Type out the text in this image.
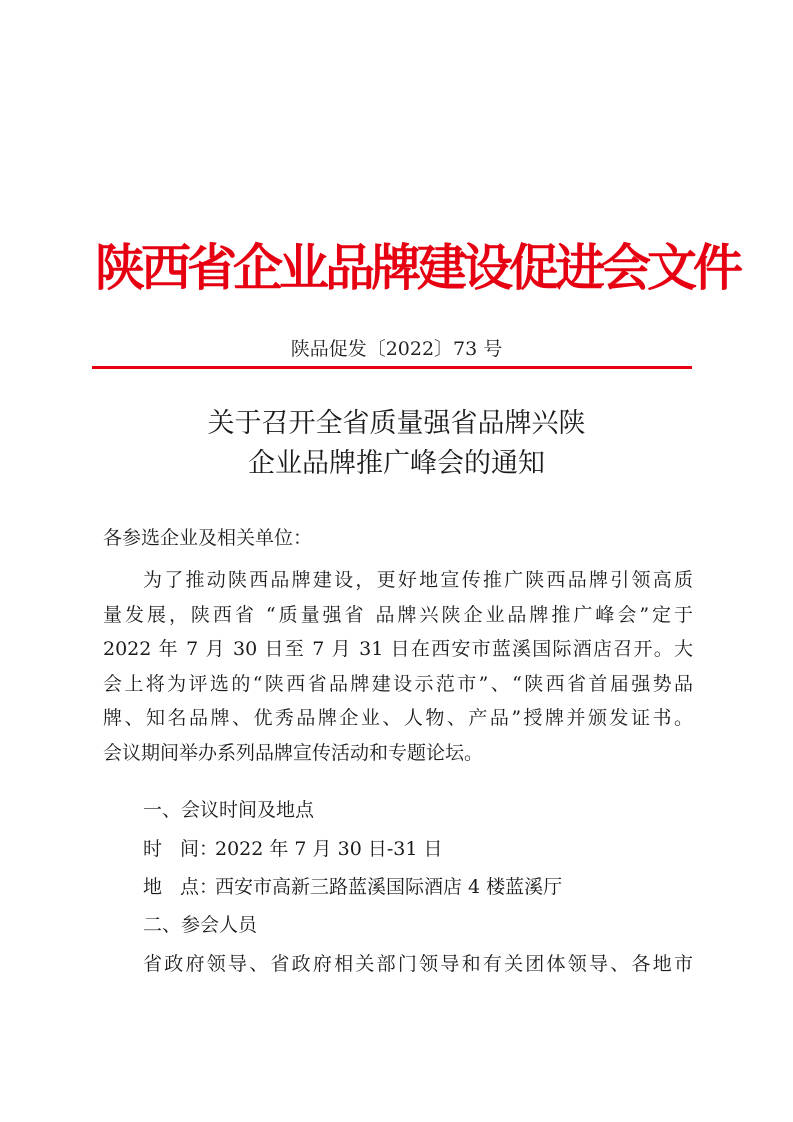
陕西省企业品牌建设促进会文件
陕品促发〔2022〕73 号
关于召开全省质量强省品牌兴陕
企业品牌推广峰会的通知
各参选企业及相关单位：
为了推动陕西品牌建设，更好地宣传推广陕西品牌引领高质
量发展，陕西省 “质量强省 品牌兴陕企业品牌推广峰会”定于
2022 年 7 月 30 日至 7 月 31 日在西安市蓝溪国际酒店召开。大
会上将为评选的“陕西省品牌建设示范市”、“陕西省首届强势品
牌、知名品牌、优秀品牌企业、人物、产品”授牌并颁发证书。
会议期间举办系列品牌宣传活动和专题论坛。
一、会议时间及地点
时 间：2022 年 7 月 30 日-31 日
地 点：西安市高新三路蓝溪国际酒店 4 楼蓝溪厅
二、参会人员
省政府领导、省政府相关部门领导和有关团体领导、各地市
